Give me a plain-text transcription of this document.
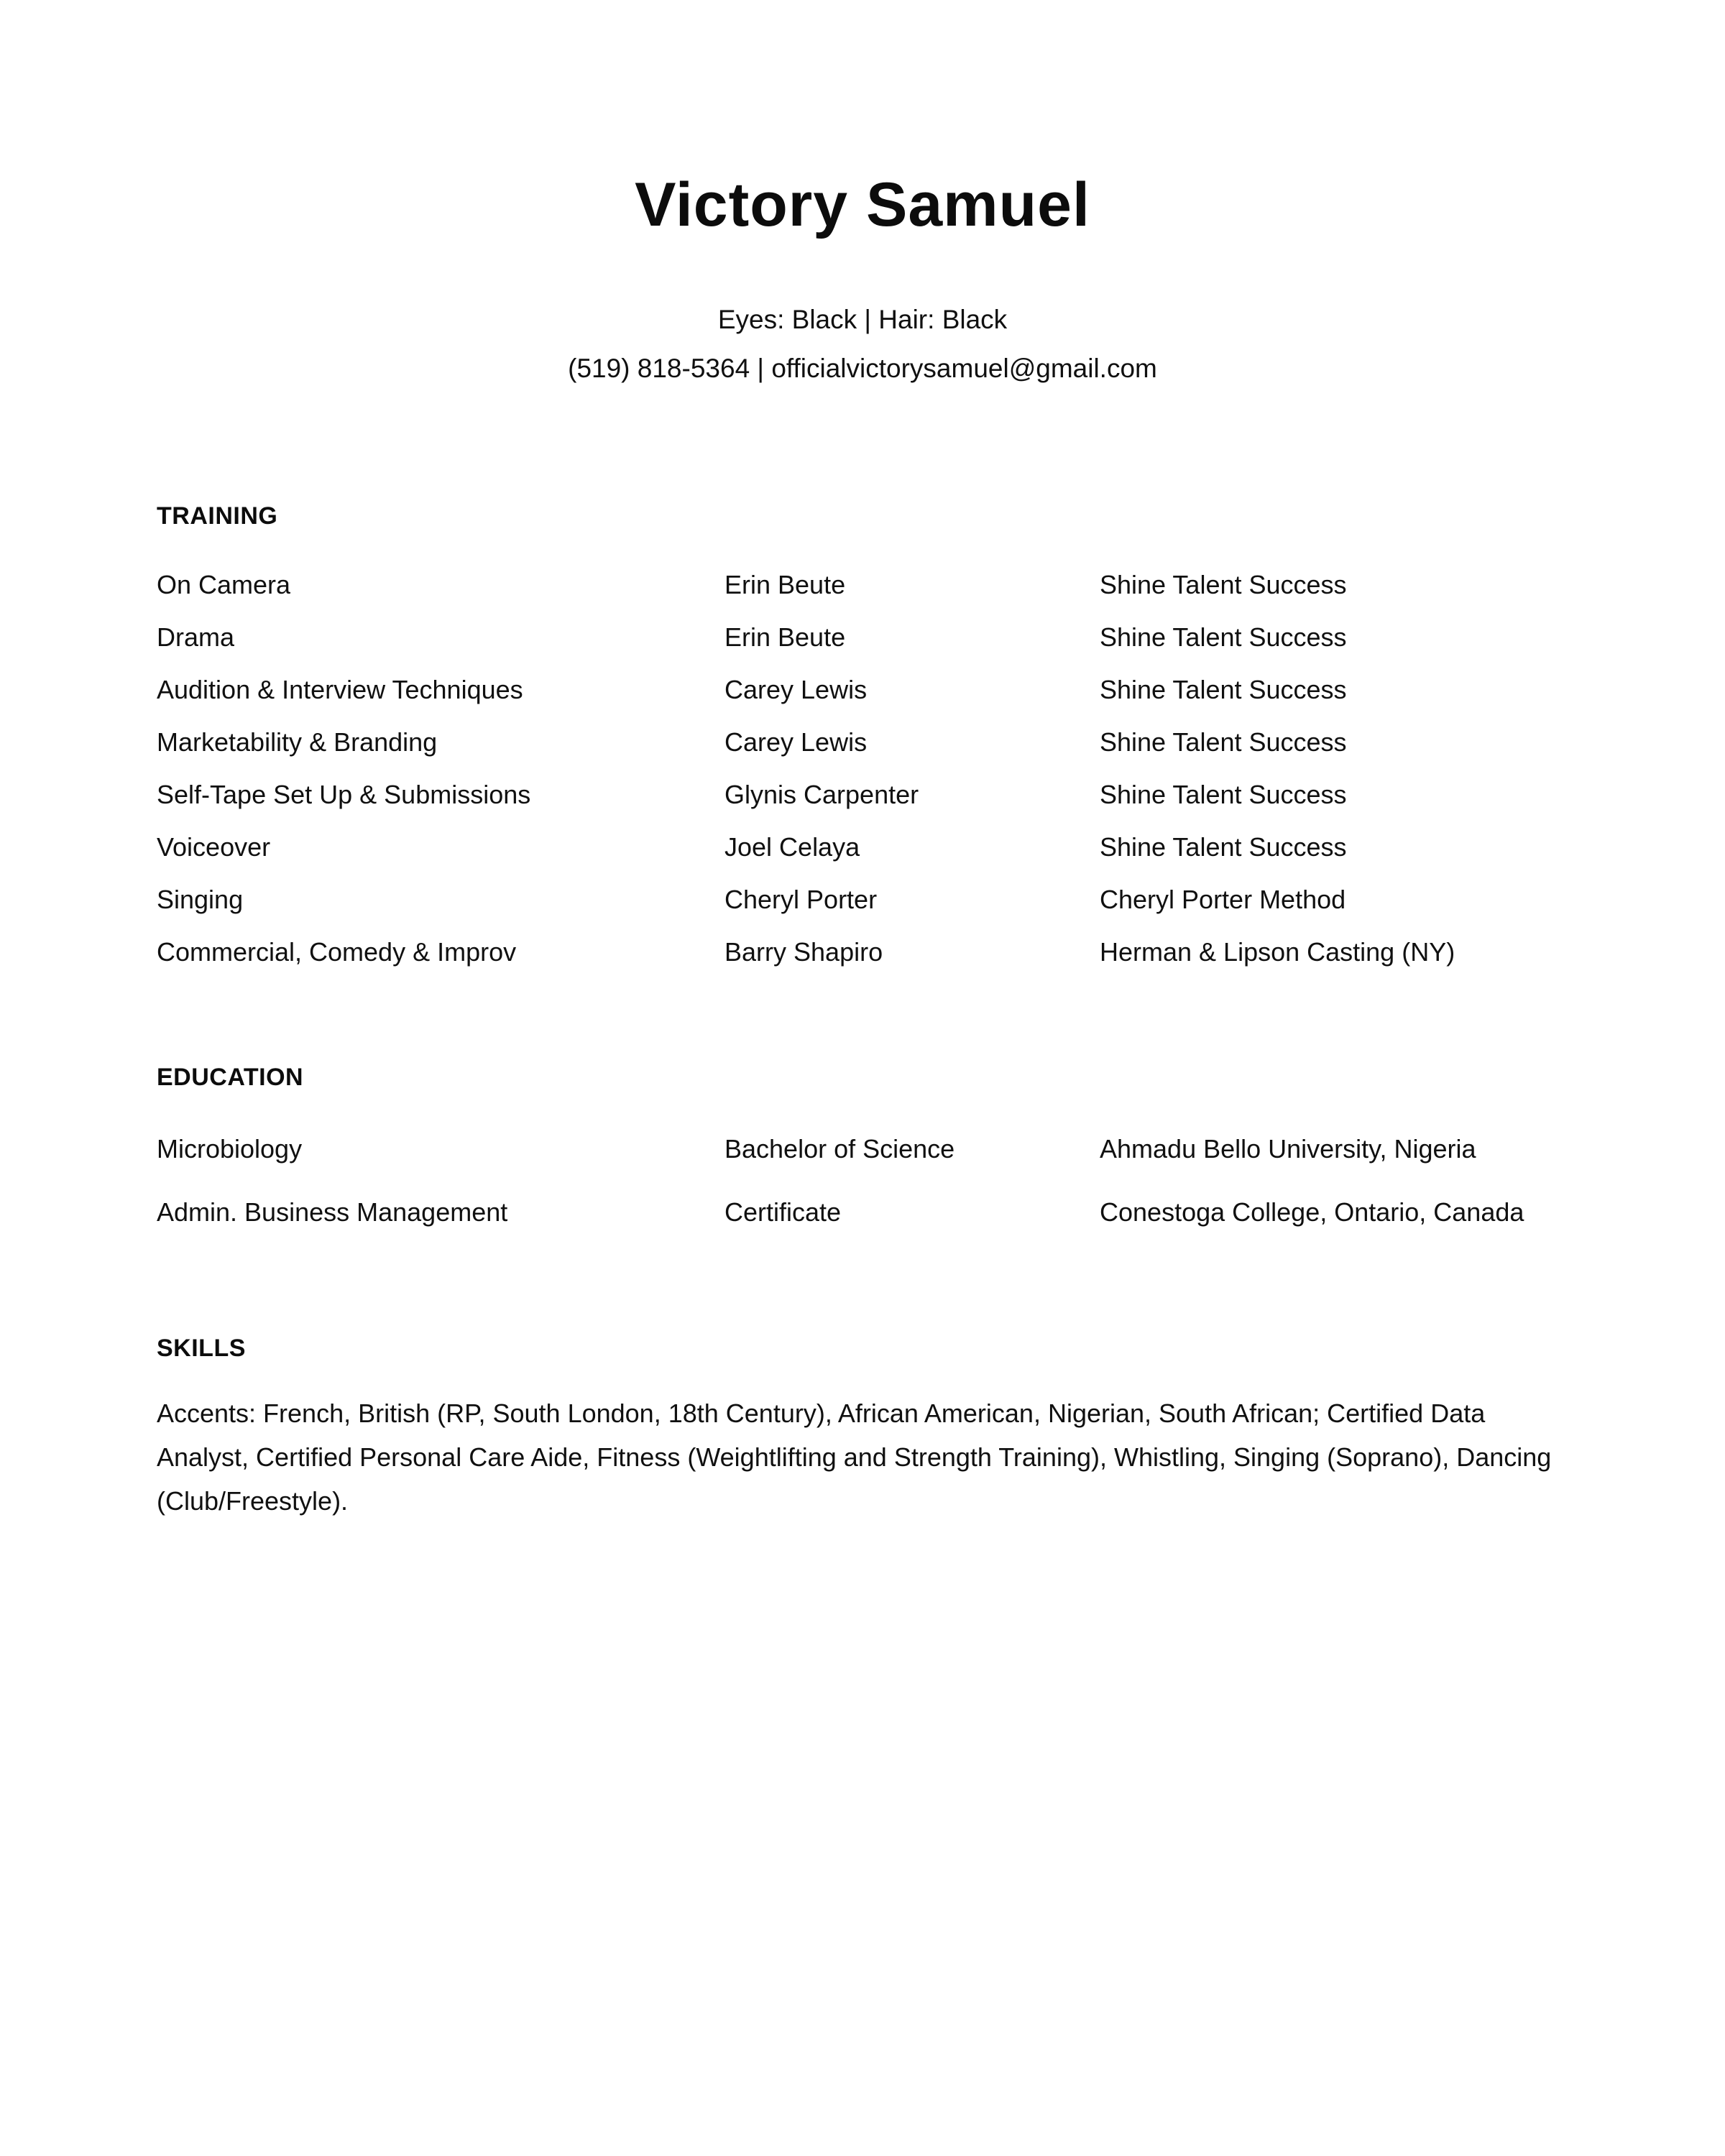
Victory Samuel
Eyes: Black | Hair: Black
(519) 818-5364 | officialvictorysamuel@gmail.com
TRAINING
On Camera	Erin Beute	Shine Talent Success
Drama	Erin Beute	Shine Talent Success
Audition & Interview Techniques	Carey Lewis	Shine Talent Success
Marketability & Branding	Carey Lewis	Shine Talent Success
Self-Tape Set Up & Submissions	Glynis Carpenter	Shine Talent Success
Voiceover	Joel Celaya	Shine Talent Success
Singing	Cheryl Porter	Cheryl Porter Method
Commercial, Comedy & Improv	Barry Shapiro	Herman & Lipson Casting (NY)
EDUCATION
Microbiology	Bachelor of Science	Ahmadu Bello University, Nigeria
Admin. Business Management	Certificate	Conestoga College, Ontario, Canada
SKILLS

Accents: French, British (RP, South London, 18th Century), African American, Nigerian, South African; Certified Data Analyst, Certified Personal Care Aide, Fitness (Weightlifting and Strength Training), Whistling, Singing (Soprano), Dancing (Club/Freestyle).
